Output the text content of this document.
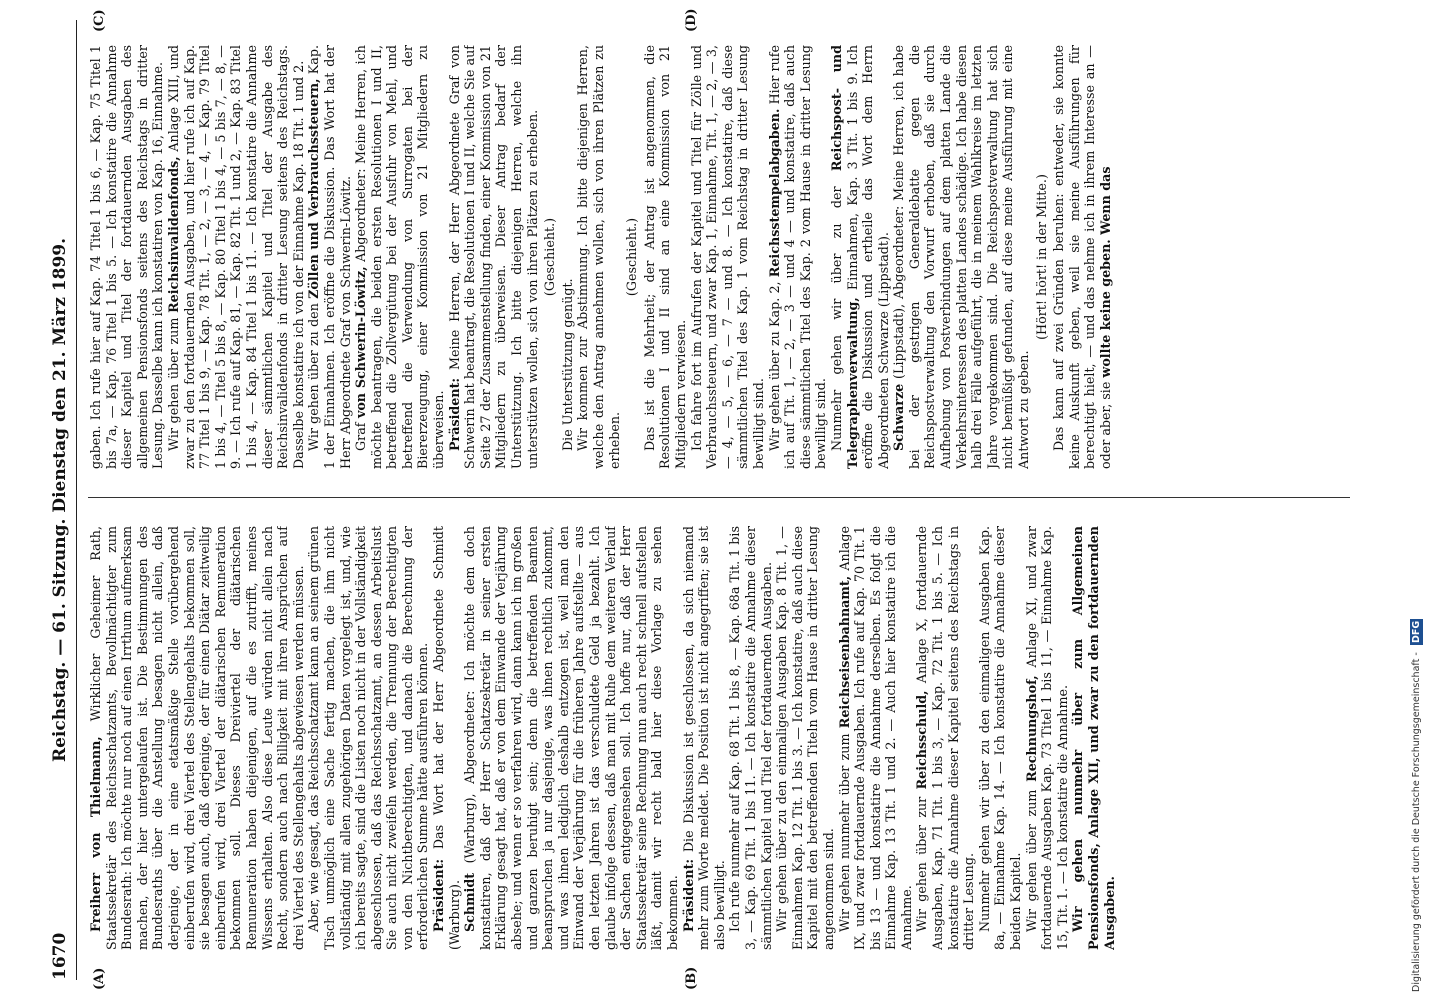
1670
Reichstag. — 61. Sitzung. Dienstag den 21. März 1899.
(A)	(B)
(C)	(D)

Freiherr von Thielmann, Wirklicher Geheimer Rath, Staatssekretär des Reichsschatzamts, Bevollmächtigter zum Bundesrath: Ich möchte nur noch auf einen Irrthum aufmerksam machen, der hier untergelaufen ist. Die Bestimmungen des Bundesraths über die Anstellung besagen nicht allein, daß derjenige, der in eine etatsmäßige Stelle vorübergehend einberufen wird, drei Viertel des Stellengehalts bekommen soll, sie besagen auch, daß derjenige, der für einen Diätar zeitweilig einberufen wird, drei Viertel der diätarischen Remuneration bekommen soll. Dieses Dreiviertel der diätarischen Remuneration haben diejenigen, auf die es zutrifft, meines Wissens erhalten. Also diese Leute würden nicht allein nach Recht, sondern auch nach Billigkeit mit ihren Ansprüchen auf drei Viertel des Stellengehalts abgewiesen werden müssen. Aber, wie gesagt, das Reichsschatzamt kann an seinem grünen Tisch unmöglich eine Sache fertig machen, die ihm nicht vollständig mit allen zugehörigen Daten vorgelegt ist, und, wie ich bereits sagte, sind die Listen noch nicht in der Vollständigkeit abgeschlossen, daß das Reichsschatzamt, an dessen Arbeitslust Sie auch nicht zweifeln werden, die Trennung der Berechtigten von den Nichtberechtigten, und danach die Berechnung der erforderlichen Summe hätte ausführen können. Präsident: Das Wort hat der Herr Abgeordnete Schmidt (Warburg). Schmidt (Warburg), Abgeordneter: Ich möchte dem doch konstatiren, daß der Herr Schatzsekretär in seiner ersten Erklärung gesagt hat, daß er von dem Einwande der Verjährung absehe; und wenn er so verfahren wird, dann kann ich im großen und ganzen beruhigt sein; denn die betreffenden Beamten beanspruchen ja nur dasjenige, was ihnen rechtlich zukommt, und was ihnen lediglich deshalb entzogen ist, weil man den Einwand der Verjährung für die früheren Jahre aufstellte — aus den letzten Jahren ist das verschuldete Geld ja bezahlt. Ich glaube infolge dessen, daß man mit Ruhe dem weiteren Verlauf der Sachen entgegensehen soll. Ich hoffe nur, daß der Herr Staatssekretär seine Rechnung nun auch recht schnell aufstellen läßt, damit wir recht bald hier diese Vorlage zu sehen bekommen. Präsident: Die Diskussion ist geschlossen, da sich niemand mehr zum Worte meldet. Die Position ist nicht angegriffen; sie ist also bewilligt. Ich rufe nunmehr auf Kap. 68 Tit. 1 bis 8, — Kap. 68a Tit. 1 bis 3, — Kap. 69 Tit. 1 bis 11. — Ich konstatire die Annahme dieser sämmtlichen Kapitel und Titel der fortdauernden Ausgaben. Wir gehen über zu den einmaligen Ausgaben Kap. 8 Tit. 1, — Einnahmen Kap. 12 Tit. 1 bis 3. — Ich konstatire, daß auch diese Kapitel mit den betreffenden Titeln vom Hause in dritter Lesung angenommen sind. Wir gehen nunmehr über zum Reichseisenbahnamt, Anlage IX, und zwar fortdauernde Ausgaben. Ich rufe auf Kap. 70 Tit. 1 bis 13 — und konstatire die Annahme derselben. Es folgt die Einnahme Kap. 13 Tit. 1 und 2. — Auch hier konstatire ich die Annahme. Wir gehen über zur Reichsschuld, Anlage X, fortdauernde Ausgaben, Kap. 71 Tit. 1 bis 3, — Kap. 72 Tit. 1 bis 5. — Ich konstatire die Annahme dieser Kapitel seitens des Reichstags in dritter Lesung. Nunmehr gehen wir über zu den einmaligen Ausgaben Kap. 8a, — Einnahme Kap. 14. — Ich konstatire die Annahme dieser beiden Kapitel. Wir gehen über zum Rechnungshof, Anlage XI, und zwar fortdauernde Ausgaben Kap. 73 Titel 1 bis 11, — Einnahme Kap. 15, Tit. 1. — Ich konstatire die Annahme. Wir gehen nunmehr über zum Allgemeinen Pensionsfonds, Anlage XII, und zwar zu den fortdauernden Ausgaben.

gaben. Ich rufe hier auf Kap. 74 Titel 1 bis 6, — Kap. 75 Titel 1 bis 7a, — Kap. 76 Titel 1 bis 5. — Ich konstatire die Annahme dieser Kapitel und Titel der fortdauernden Ausgaben des allgemeinen Pensionsfonds seitens des Reichstags in dritter Lesung. Dasselbe kann ich konstatiren von Kap. 16, Einnahme. Wir gehen über zum Reichsinvalidenfonds, Anlage XIII, und zwar zu den fortdauernden Ausgaben, und hier rufe ich auf Kap. 77 Titel 1 bis 9, — Kap. 78 Tit. 1, — 2, — 3, — 4, — Kap. 79 Titel 1 bis 4, — Titel 5 bis 8, — Kap. 80 Titel 1 bis 4, — 5 bis 7, — 8, — 9. — Ich rufe auf Kap. 81, — Kap. 82 Tit. 1 und 2, — Kap. 83 Titel 1 bis 4, — Kap. 84 Titel 1 bis 11. — Ich konstatire die Annahme dieser sämmtlichen Kapitel und Titel der Ausgabe des Reichsinvalidenfonds in dritter Lesung seitens des Reichstags. Dasselbe konstatire ich von der Einnahme Kap. 18 Tit. 1 und 2. Wir gehen über zu den Zöllen und Verbrauchssteuern, Kap. 1 der Einnahmen. Ich eröffne die Diskussion. Das Wort hat der Herr Abgeordnete Graf von Schwerin-Löwitz. Graf von Schwerin-Löwitz, Abgeordneter: Meine Herren, ich möchte beantragen, die beiden ersten Resolutionen I und II, betreffend die Zollvergütung bei der Ausfuhr von Mehl, und betreffend die Verwendung von Surrogaten bei der Biererzeugung, einer Kommission von 21 Mitgliedern zu überweisen. Präsident: Meine Herren, der Herr Abgeordnete Graf von Schwerin hat beantragt, die Resolutionen I und II, welche Sie auf Seite 27 der Zusammenstellung finden, einer Kommission von 21 Mitgliedern zu überweisen. Dieser Antrag bedarf der Unterstützung. Ich bitte diejenigen Herren, welche ihn unterstützen wollen, sich von ihren Plätzen zu erheben. (Geschieht.)

Die Unterstützung genügt. Wir kommen zur Abstimmung. Ich bitte diejenigen Herren, welche den Antrag annehmen wollen, sich von ihren Plätzen zu erheben.

(Geschieht.) Das ist die Mehrheit; der Antrag ist angenommen, die Resolutionen I und II sind an eine Kommission von 21 Mitgliedern verwiesen. Ich fahre fort im Aufrufen der Kapitel und Titel für Zölle und Verbrauchssteuern, und zwar Kap. 1, Einnahme, Tit. 1, — 2, — 3, — 4, — 5, — 6, — 7 — und 8. — Ich konstatire, daß diese sämmtlichen Titel des Kap. 1 vom Reichstag in dritter Lesung bewilligt sind. Wir gehen über zu Kap. 2, Reichsstempelabgaben. Hier rufe ich auf Tit. 1, — 2, — 3 — und 4 — und konstatire, daß auch diese sämmtlichen Titel des Kap. 2 vom Hause in dritter Lesung bewilligt sind. Nunmehr gehen wir über zu der Reichspost- und Telegraphenverwaltung, Einnahmen, Kap. 3 Tit. 1 bis 9. Ich eröffne die Diskussion und ertheile das Wort dem Herrn Abgeordneten Schwarze (Lippstadt). Schwarze (Lippstadt), Abgeordneter: Meine Herren, ich habe bei der gestrigen Generaldebatte gegen die Reichspostverwaltung den Vorwurf erhoben, daß sie durch Aufhebung von Postverbindungen auf dem platten Lande die Verkehrsinteressen des platten Landes schädige. Ich habe diesen halb drei Fälle aufgeführt, die in meinem Wahlkreise im letzten Jahre vorgekommen sind. Die Reichspostverwaltung hat sich nicht bemüßigt gefunden, auf diese meine Ausführung mit eine Antwort zu geben.

(Hört! hört! in der Mitte.) Das kann auf zwei Gründen beruhen: entweder, sie konnte keine Auskunft geben, weil sie meine Ausführungen für berechtigt hielt, — und das nehme ich in ihrem Interesse an — oder aber, sie wollte keine geben. Wenn das

Digitalisierung gefördert durch die Deutsche Forschungsgemeinschaft - DFG
